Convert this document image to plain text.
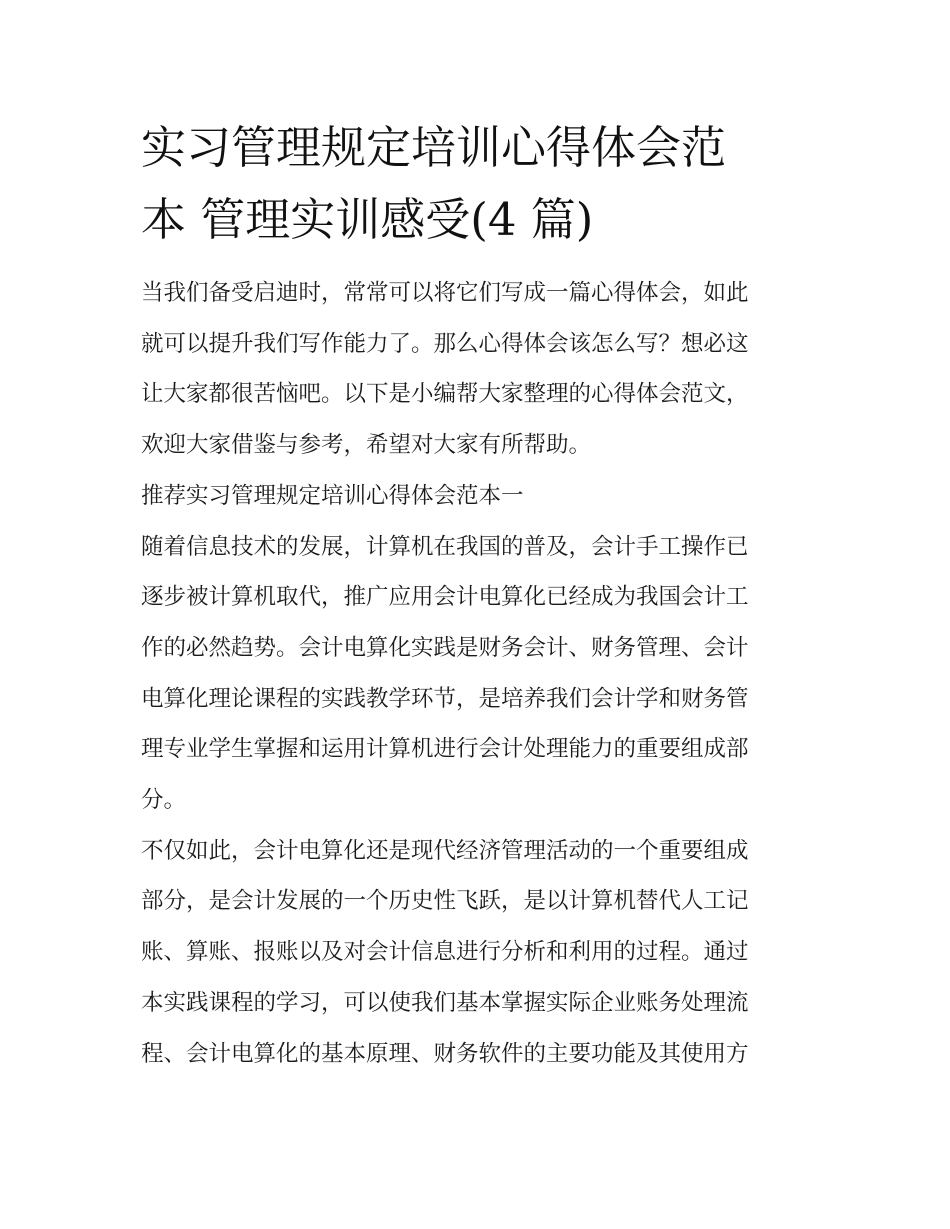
实习管理规定培训心得体会范
本 管理实训感受(4 篇)

当我们备受启迪时，常常可以将它们写成一篇心得体会，如此
就可以提升我们写作能力了。那么心得体会该怎么写？想必这
让大家都很苦恼吧。以下是小编帮大家整理的心得体会范文，
欢迎大家借鉴与参考，希望对大家有所帮助。

推荐实习管理规定培训心得体会范本一

随着信息技术的发展，计算机在我国的普及，会计手工操作已
逐步被计算机取代，推广应用会计电算化已经成为我国会计工
作的必然趋势。会计电算化实践是财务会计、财务管理、会计
电算化理论课程的实践教学环节，是培养我们会计学和财务管
理专业学生掌握和运用计算机进行会计处理能力的重要组成部
分。

不仅如此，会计电算化还是现代经济管理活动的一个重要组成
部分，是会计发展的一个历史性飞跃，是以计算机替代人工记
账、算账、报账以及对会计信息进行分析和利用的过程。通过
本实践课程的学习，可以使我们基本掌握实际企业账务处理流
程、会计电算化的基本原理、财务软件的主要功能及其使用方
